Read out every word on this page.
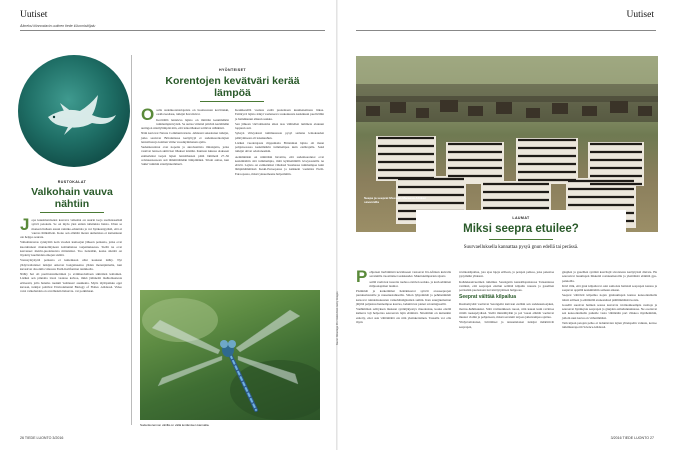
Uutiset
Ääneksi kiinnostavin uutinen tiede tiJuomiskiljalu
RUSTOKALAT
Valkohain vauva nähtiin
J opa kuusimetriseksi kasvava valkohai on suurin isoja saalistaaselkiä syövä petokala. Se on myös yksi eniten tutkituista haista. Uhan se moneen huhaan asuun ranniko-eduuttala ja voi hyökeenpytäsil, että ei vauvas ihmisillein. Koko sen elämää meren uumenissa ei kuitenkaan ole helppo seurata.

Valkohairasras synnyttää noin vuoden kantoajan jälkeen poikasia, jotka ovat kuoruituneet munatelmyneen kohtumaissa taajennuksessa. Siellä ne ovat kasvaneet metrin-puolentoista mittaisiksi. Tuo tiedetään, koska siköitä on löydetty kuolleiden emojen sisältä.

Vastasyntynyttä poikasta ei kuitenkaan ollut koskaan nähty. Nyt yhdysvaltalaiset tutkijat onkovat bongaineensa yhden merenpinnalta, kun kuvasivat drooniila videosta Etelä-Kalifornian rannikolla.

Nähty hai oli puolitoistametrinen ja eviimuodoiltaan sikiöiden kaltainen. Lisäksi sen pinnalta irtosi vaaleaa kalvoa, mikä jäänneitä mahtomaatesta eritteestä, jolla haiemo ruokkii 'kohtusaa' auakkaita. Myös täyttipaikka oppi kuvaan, tutkijat pohtivat Environmental Biology of Fishes -lehdessä. Video voisi valkohaiden on arvelluskin haluavia- vat poikimaan.

HYÖNTEISET
Korentojen kevätväri kerää lämpöä
O salla sudenkorentolajeista on luonnostaan kevättakki, osalla kesäasu, tutkijat havaitsivat.

Kevätällä lenteleva lajisto on mittitän keskimäärin tummempisävyistä. Se auttaa viileinä päivinä keräämään auringon säteilylämpöä niin, että lentotihakset toimivat sähäkästi.

Näin kertovat Nature Communications -lehdessä saksalaiset tutkijat, jotka seulovat Britanniassa keräyttyjä ei sudenkorentolajien lentotilastoja kolmen viime vuosikymmenen ajalta.

Sudenkorennot ovat nopeita ja akrobaattisia ilmalajeita, jotka vaativat lentoon aktiiviset lihakset lentään. Kunnon iskussa olakseen esimerkiksi isojen lajien lentolihasten pitää lämmetä 27–36 celsiusasteeseen asti lämmittämään lämpimäksi. Siloin auttaa, kun 'takki' tummin säteilynkerämerä.

Keskikesällä vaaleus estää puolentaan kuumenemasta liikaa. Esiintyvä lajisto näkyi vaaleneeva toukokuusta keskikuun puoliväliin ja heinäkuuun alkuun saakka.

Sen jälkeen värivalikoima alkoi taas vähitellen tummeta elokuun loppuun asti.

Syksyn viileydessä tummuusaste pysyi samana lentokauden päättymiseen eli lokakuuhun.

Lisäksi vuoderajasta riippumatta Britannian lajisto oli maan pohjoisosassa keskimäärin tummempaa kuin etelärajalla. Sekä tutkijat olivat odottaneetkin.

Aemmintkin on nimittään havaittu, että sudenkorennot ovat keskimäärin sitä tummempia, mitä kylmemmillä leveysasteilla ne elävät. Lajisto on esimerkiksi viileässä Suomessa tummempaa kuin lämpimämmässä Keski-Euroopassa ja kaikkein vaaleinta Etelä-Euroopassa, missä yksuomeene helpommin.

Sudenkorennon värillä on väliä lentämisen kannalta.
26 TIEDE LUONTO 3/2016
Uutiset
Seepa ja seeprat Massain Marassa Afrikan savannilla
LAUMAT
Miksi seepra etuilee?
Suurvaelluksella kannattaa pysyä gnun edellä tai perässä.
Kuvat: Kiruolaga Pro Näätä Koin Getty Images
P ohjoisen herläimistä keväässeen vastaavat Itä-Afrikan kuivalla savannilla vuosittaiset sadekaudet. Muuttokimpurien sijasta

seillä vaeltavat tuoreita ruohoa etsivien sorkka- ja kavioeläinten miljoonapäiset laumat.

Pisimmät ja karkeimmat heinänkorret syövät arosseeprojen puruksalustoille ja ruusenustalkseille. Sitten lyhyemmät ja pehmeämmät katsovat ruinaisluokusten vaikohäntägnuiden suihin. Kun suurgnumairan jäljiltä paljastuu hennompaa kasvua, ladunttavat pienet savannigasellit.

Vanhimman selityksen mukaan syöntijärjestys muodostuu, koska edellä kulkeva laji helpottaa seuraavan lajin elämistä. Sittemmin on kuitenkin esitetty, ettei asia välttämättä ole niin yksinkertainen. Tausalla voi olla myös

ravintokilpailua, jota ajaa lajeja erilleen, ja petojen pelkoa, joka pakottaa pysymään yhdessä.

Kahdeksanvuotinen tutkimus Serengetin kansallispuistossa Tansaniassa varmisti, että seeprojen etuilun selittää kilpailu ruuasta ja gasellien perässään puolestaan turvaistäytymisen helppous.

Seeprat välttää kilpailua

Ruohomysäät vaeltavat Serengetin kuivaan etelään sen sadekausioajaksi, marras-huhtikuuksi. Siitä ravinteikkaan ruoon, niin kauan kuin ravintoa riittää ruokapöydissä. Siellä minsähtyään ja pol 'touan elämät vaeltavat muutoi vialiin ja pohjoiseen, missä savannit tarjoaa jatkuvampaa ajattua.

Yhdysvaltalaiset, brittiläiset ja tansanialaiset tutkijat määrittivät seeprojen,

gnujden ja gasellien syömät kasvilajit sivoistesta keräytyistä dnä:sta. He seurasivat lauumojen liikkeitä rostakameroilla ja yksittäisiä eläimiä gps-pannoilla.

Kävi ilmi, että gnut kilpailevat osin samoista heinistä seeprojen kanssa ja saapuvat appällä keskimäärin samaan aikaan.

Seeprat välttävät kilpailua nojen gnulaumojen kanssa kokoontumalla niistä erilleen ja ehtimällä etuneenässä päällimmäisiä korsia.

Gasellit suosivat heinien seassa kasvavia ravintokkaampia ruohoja ja seuraavat hyönkysia seeprojen ja gnujden esiludunnunnassa. Ne osottavat sen kokoontumalla paikalle vasta vähintään pari viikkoa myöhemmin, jolloin uusi kasvu on virheriämäsä.

Tam kijaan petojen pelko ei laduntavien lajien yhteispelin vaikuta, kertoo tutkimusraportti Science-lehdessä.

3/2016 TIEDE LUONTO 27
